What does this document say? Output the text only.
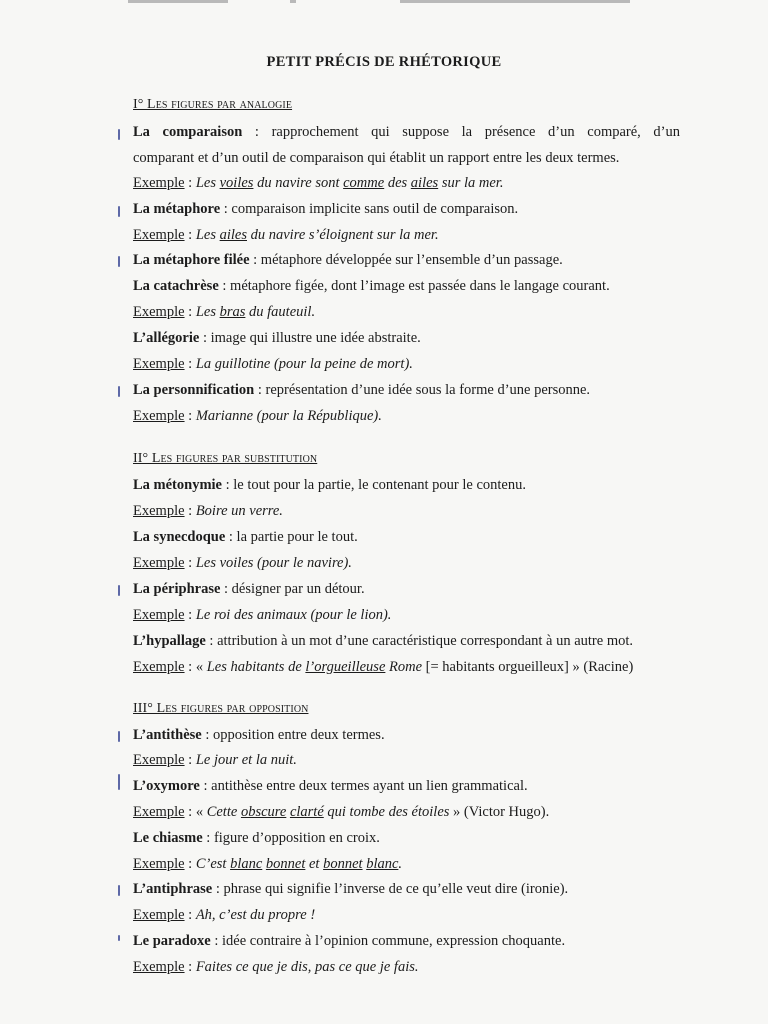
PETIT PRÉCIS DE RHÉTORIQUE
I° Les figures par analogie
La comparaison : rapprochement qui suppose la présence d’un comparé, d’un
comparant et d’un outil de comparaison qui établit un rapport entre les deux termes.
Exemple : Les voiles du navire sont comme des ailes sur la mer.
La métaphore : comparaison implicite sans outil de comparaison.
Exemple : Les ailes du navire s’éloignent sur la mer.
La métaphore filée : métaphore développée sur l’ensemble d’un passage.
La catachrèse : métaphore figée, dont l’image est passée dans le langage courant.
Exemple : Les bras du fauteuil.
L’allégorie : image qui illustre une idée abstraite.
Exemple : La guillotine (pour la peine de mort).
La personnification : représentation d’une idée sous la forme d’une personne.
Exemple : Marianne (pour la République).
II° Les figures par substitution
La métonymie : le tout pour la partie, le contenant pour le contenu.
Exemple : Boire un verre.
La synecdoque : la partie pour le tout.
Exemple : Les voiles (pour le navire).
La périphrase : désigner par un détour.
Exemple : Le roi des animaux (pour le lion).
L’hypallage : attribution à un mot d’une caractéristique correspondant à un autre mot.
Exemple : « Les habitants de l’orgueilleuse Rome [= habitants orgueilleux] » (Racine)
III° Les figures par opposition
L’antithèse : opposition entre deux termes.
Exemple : Le jour et la nuit.
L’oxymore : antithèse entre deux termes ayant un lien grammatical.
Exemple : « Cette obscure clarté qui tombe des étoiles » (Victor Hugo).
Le chiasme : figure d’opposition en croix.
Exemple : C’est blanc bonnet et bonnet blanc.
L’antiphrase : phrase qui signifie l’inverse de ce qu’elle veut dire (ironie).
Exemple : Ah, c’est du propre !
Le paradoxe : idée contraire à l’opinion commune, expression choquante.
Exemple : Faites ce que je dis, pas ce que je fais.
